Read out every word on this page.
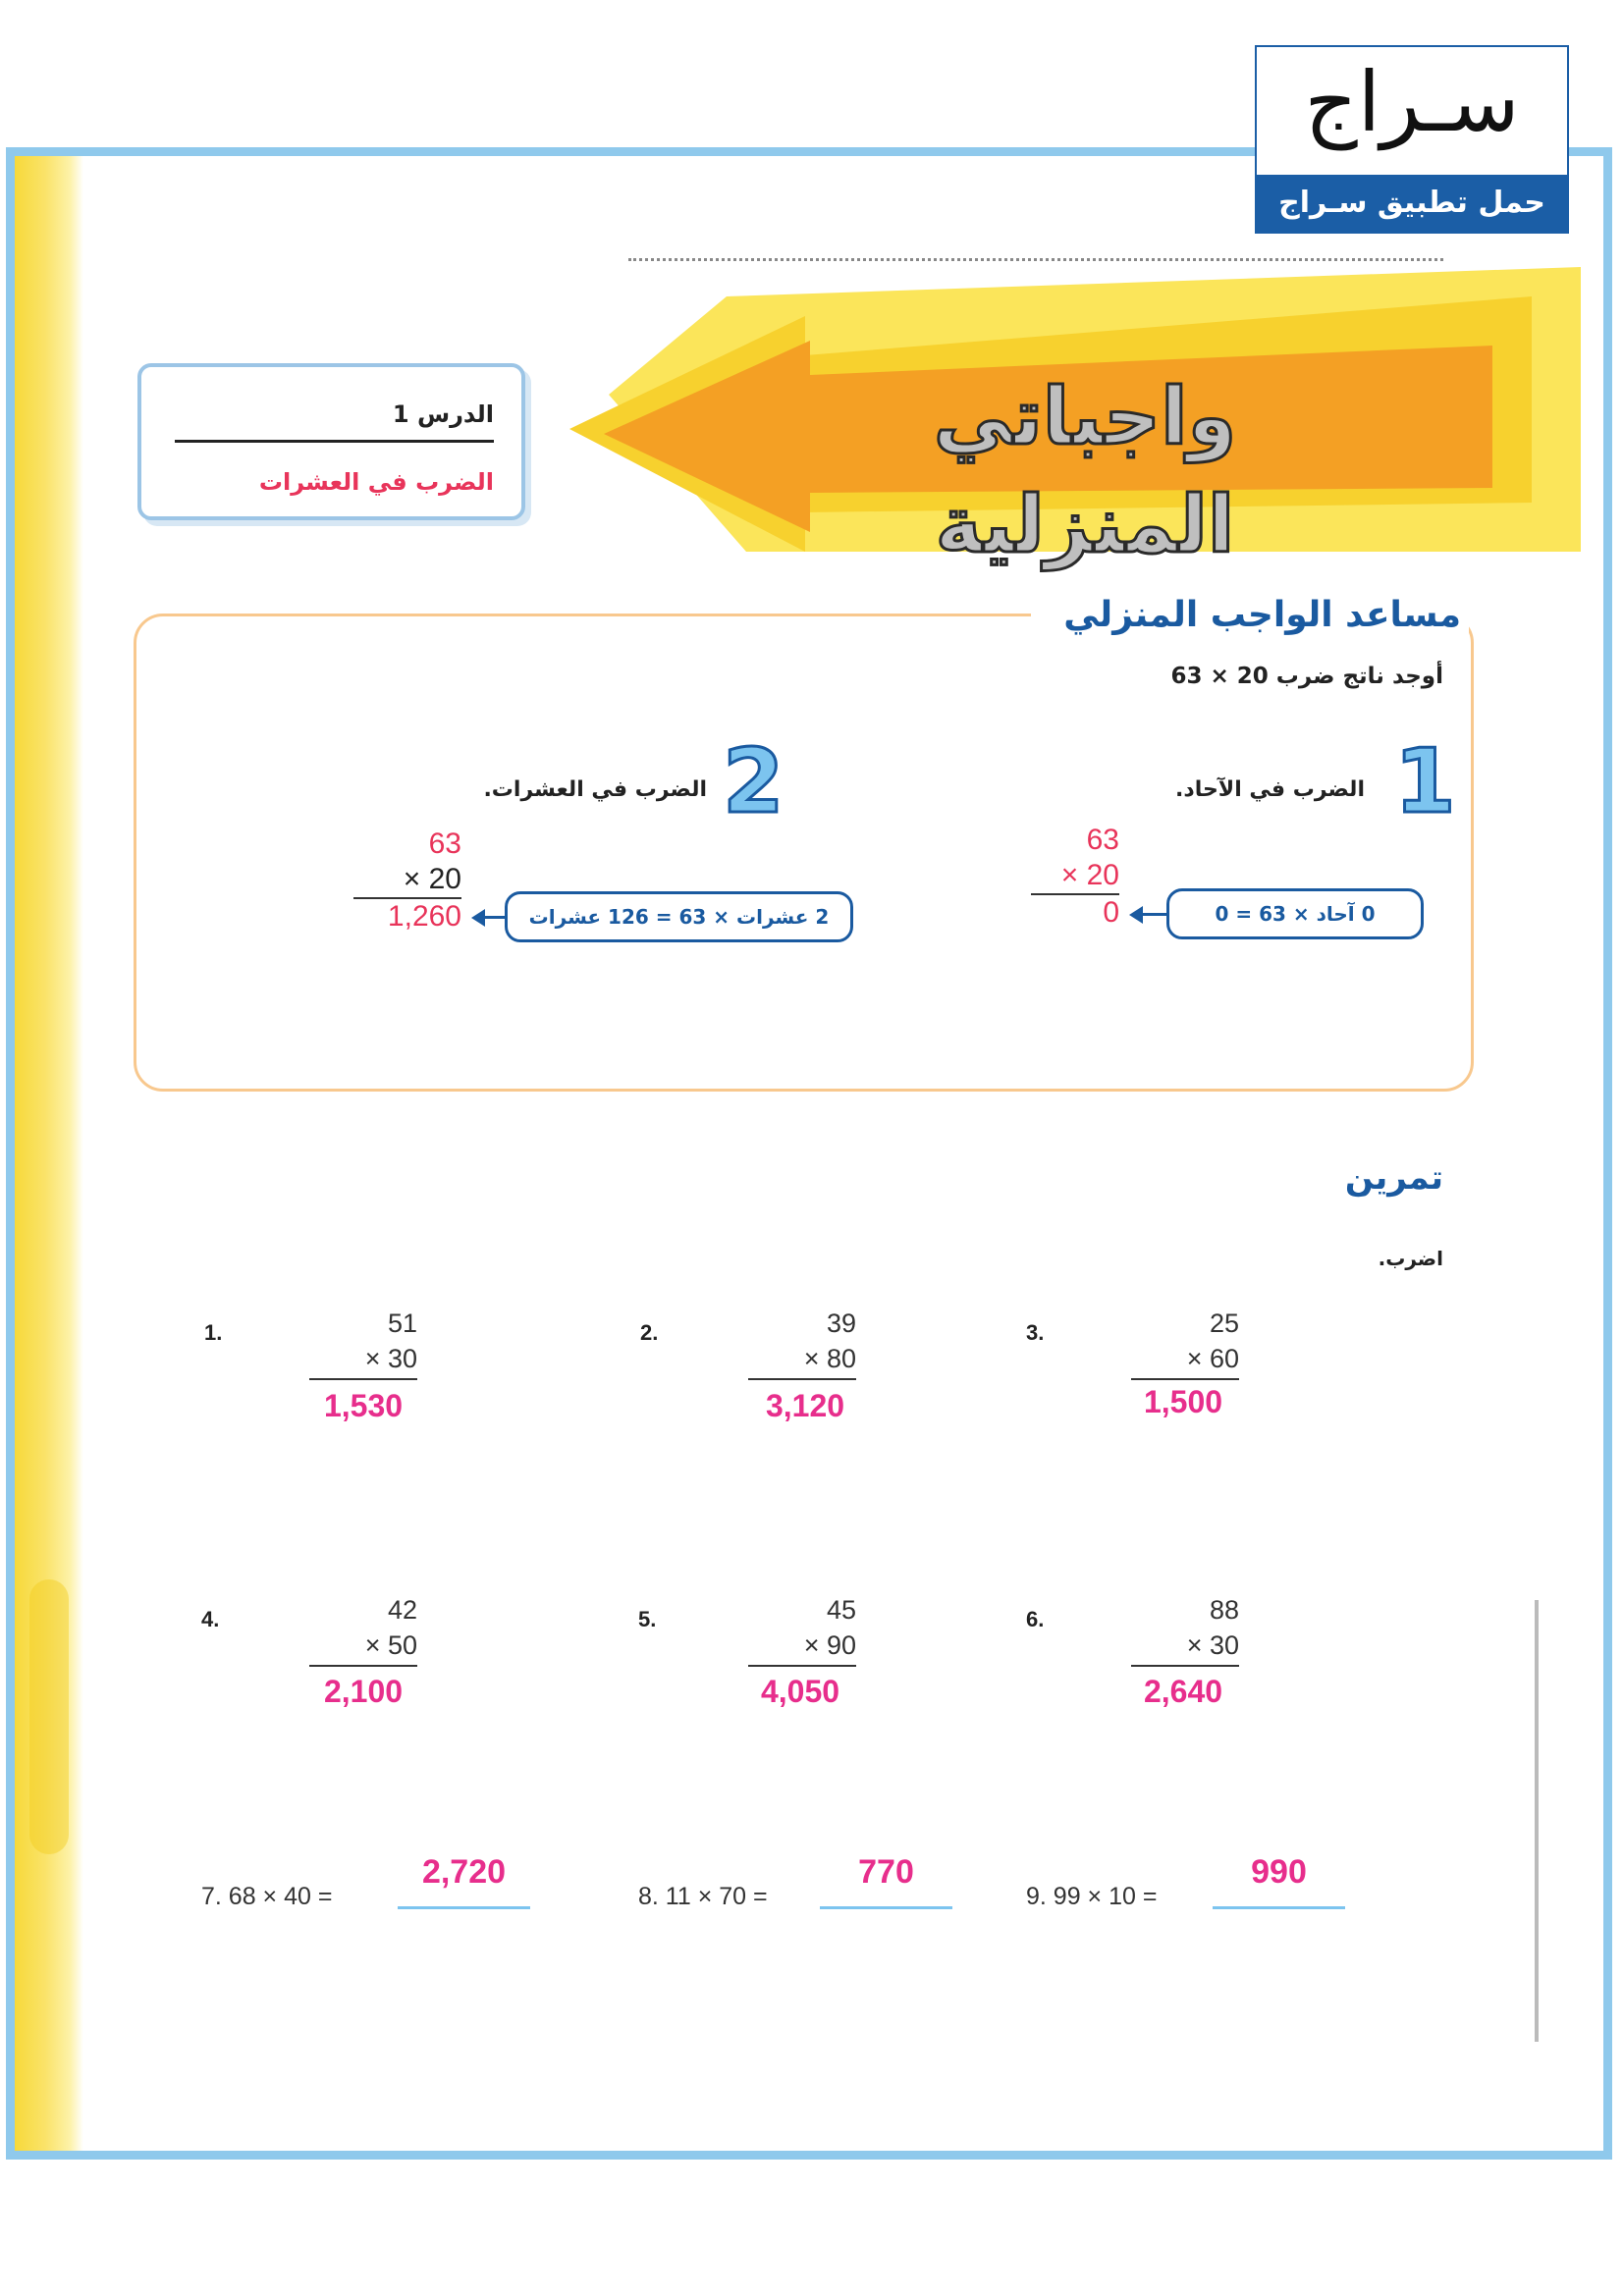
سـراج
حمل تطبيق سـراج
الدرس 1
الضرب في العشرات
واجباتي المنزلية
مساعد الواجب المنزلي
أوجد ناتج ضرب 20 × 63
1
الضرب في الآحاد.
63
× 20
0	0 آحاد × 63 = 0
2
الضرب في العشرات.
63
× 20
1,260	2 عشرات × 63 = 126 عشرات
تمرين
اضرب.
1.	51
× 30
1,530
2.	39
× 80
3,120
3.	25
× 60
1,500
4.	42
× 50
2,100
5.	45
× 90
4,050
6.	88
× 30
2,640
7. 68 × 40 =
2,720
8. 11 × 70 =
770
9. 99 × 10 =
990
